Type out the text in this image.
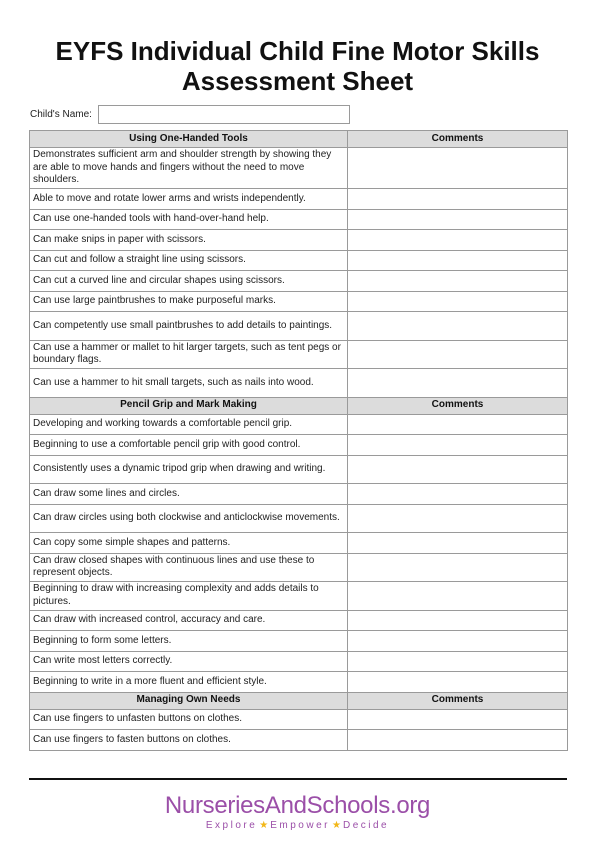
EYFS Individual Child Fine Motor Skills
Assessment Sheet
Child's Name:
Using One-Handed Tools	Comments
Demonstrates sufficient arm and shoulder strength by showing they are able to move hands and fingers without the need to move shoulders.	
Able to move and rotate lower arms and wrists independently.	
Can use one-handed tools with hand-over-hand help.	
Can make snips in paper with scissors.	
Can cut and follow a straight line using scissors.	
Can cut a curved line and circular shapes using scissors.	
Can use large paintbrushes to make purposeful marks.	
Can competently use small paintbrushes to add details to paintings.	
Can use a hammer or mallet to hit larger targets, such as tent pegs or boundary flags.	
Can use a hammer to hit small targets, such as nails into wood.	
Pencil Grip and Mark Making	Comments
Developing and working towards a comfortable pencil grip.	
Beginning to use a comfortable pencil grip with good control.	
Consistently uses a dynamic tripod grip when drawing and writing.	
Can draw some lines and circles.	
Can draw circles using both clockwise and anticlockwise movements.	
Can copy some simple shapes and patterns.	
Can draw closed shapes with continuous lines and use these to represent objects.	
Beginning to draw with increasing complexity and adds details to pictures.	
Can draw with increased control, accuracy and care.	
Beginning to form some letters.	
Can write most letters correctly.	
Beginning to write in a more fluent and efficient style.	
Managing Own Needs	Comments
Can use fingers to unfasten buttons on clothes.	
Can use fingers to fasten buttons on clothes.	
NurseriesAndSchools.org
Explore ★ Empower ★ Decide
